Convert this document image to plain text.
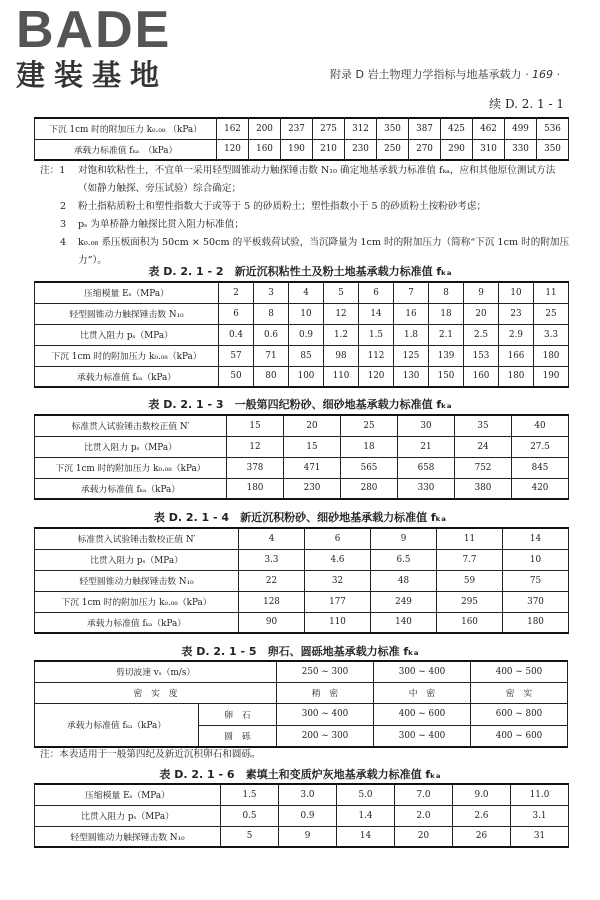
BADE
建装基地	附录 D 岩土物理力学指标与地基承载力 · 169 ·
续 D. 2. 1 - 1
下沉 1cm 时的附加压力 k₀.₀₈ （kPa）	162	200	237	275	312	350	387	425	462	499	536
承载力标准值 fₖₐ　（kPa）	120	160	190	210	230	250	270	290	310	330	350
注：1	对饱和软粘性土，不宜单一采用轻型圆锥动力触探锤击数 N₁₀ 确定地基承载力标准值 fₖₐ，应和其他原位测试方法（如静力触探、旁压试验）综合确定；
2	粉土指粘质粉土和塑性指数大于或等于 5 的砂质粉土；塑性指数小于 5 的砂质粉土按粉砂考虑；
3	pₛ 为单桥静力触探比贯入阻力标准值；
4	k₀.₀₈ 系压板面积为 50cm × 50cm 的平板载荷试验，当沉降量为 1cm 时的附加压力（简称“下沉 1cm 时的附加压力”）。
表 D. 2. 1 - 2　新近沉积粘性土及粉土地基承载力标准值 fₖₐ
压缩模量 Eₛ（MPa）	2	3	4	5	6	7	8	9	10	11
轻型圆锥动力触探锤击数 N₁₀	6	8	10	12	14	16	18	20	23	25
比贯入阻力 pₛ（MPa）	0.4	0.6	0.9	1.2	1.5	1.8	2.1	2.5	2.9	3.3
下沉 1cm 时的附加压力 k₀.₀₈（kPa）	57	71	85	98	112	125	139	153	166	180
承载力标准值 fₖₐ（kPa）	50	80	100	110	120	130	150	160	180	190
表 D. 2. 1 - 3　一般第四纪粉砂、细砂地基承载力标准值 fₖₐ
标准贯入试验锤击数校正值 N′	15	20	25	30	35	40
比贯入阻力 pₛ（MPa）	12	15	18	21	24	27.5
下沉 1cm 时的附加压力 k₀.₀₈（kPa）	378	471	565	658	752	845
承载力标准值 fₖₐ（kPa）	180	230	280	330	380	420
表 D. 2. 1 - 4　新近沉积粉砂、细砂地基承载力标准值 fₖₐ
标准贯入试验锤击数校正值 N′	4	6	9	11	14
比贯入阻力 pₛ（MPa）	3.3	4.6	6.5	7.7	10
轻型圆锥动力触探锤击数 N₁₀	22	32	48	59	75
下沉 1cm 时的附加压力 k₀.₀₈（kPa）	128	177	249	295	370
承载力标准值 fₖₐ（kPa）	90	110	140	160	180
表 D. 2. 1 - 5　卵石、圆砾地基承载力标准 fₖₐ
剪切波速 vₛ（m/s）		250 ~ 300	300 ~ 400	400 ~ 500
密　实　度		稍　密	中　密	密　实
承载力标准值 fₖₐ（kPa）	卵　石	300 ~ 400	400 ~ 600	600 ~ 800
	圆　砾	200 ~ 300	300 ~ 400	400 ~ 600
注：本表适用于一般第四纪及新近沉积卵石和圆砾。
表 D. 2. 1 - 6　素填土和变质炉灰地基承载力标准值 fₖₐ
压缩模量 Eₛ（MPa）	1.5	3.0	5.0	7.0	9.0	11.0
比贯入阻力 pₛ（MPa）	0.5	0.9	1.4	2.0	2.6	3.1
轻型圆锥动力触探锤击数 N₁₀	5	9	14	20	26	31
